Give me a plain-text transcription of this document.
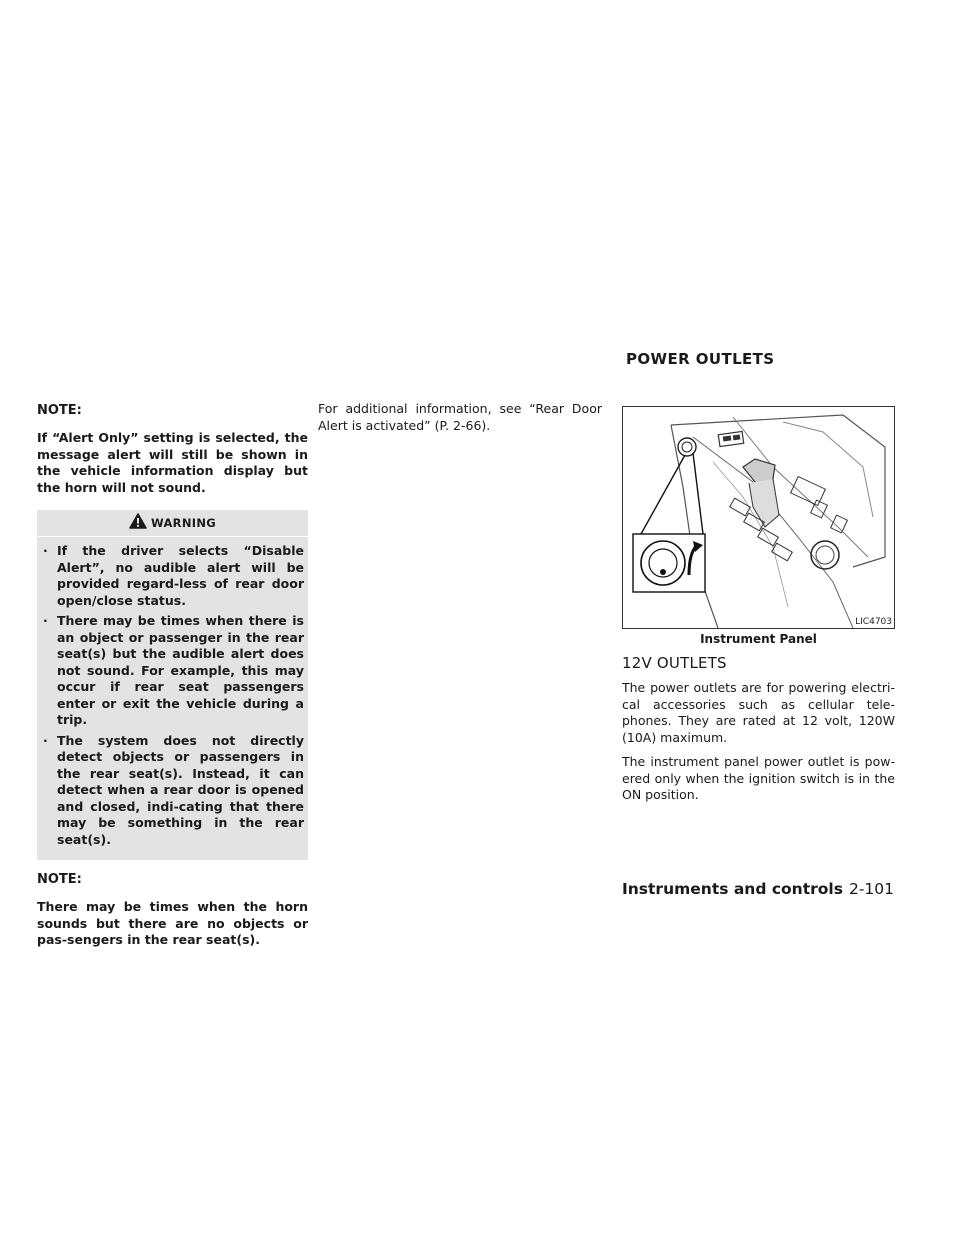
NOTE:

If “Alert Only” setting is selected, the message alert will still be shown in the vehicle information display but the horn will not sound.

WARNING
· If the driver selects “Disable Alert”, no audible alert will be provided regard-less of rear door open/close status.
· There may be times when there is an object or passenger in the rear seat(s) but the audible alert does not sound. For example, this may occur if rear seat passengers enter or exit the vehicle during a trip.
· The system does not directly detect objects or passengers in the rear seat(s). Instead, it can detect when a rear door is opened and closed, indi-cating that there may be something in the rear seat(s).

NOTE:

There may be times when the horn sounds but there are no objects or pas-sengers in the rear seat(s).

For additional information, see “Rear Door Alert is activated” (P. 2-66).

POWER OUTLETS
LIC4703

Instrument Panel

12V OUTLETS

The power outlets are for powering electri-cal accessories such as cellular tele-phones. They are rated at 12 volt, 120W (10A) maximum.

The instrument panel power outlet is pow-ered only when the ignition switch is in the ON position.

Instruments and controls 2-101
